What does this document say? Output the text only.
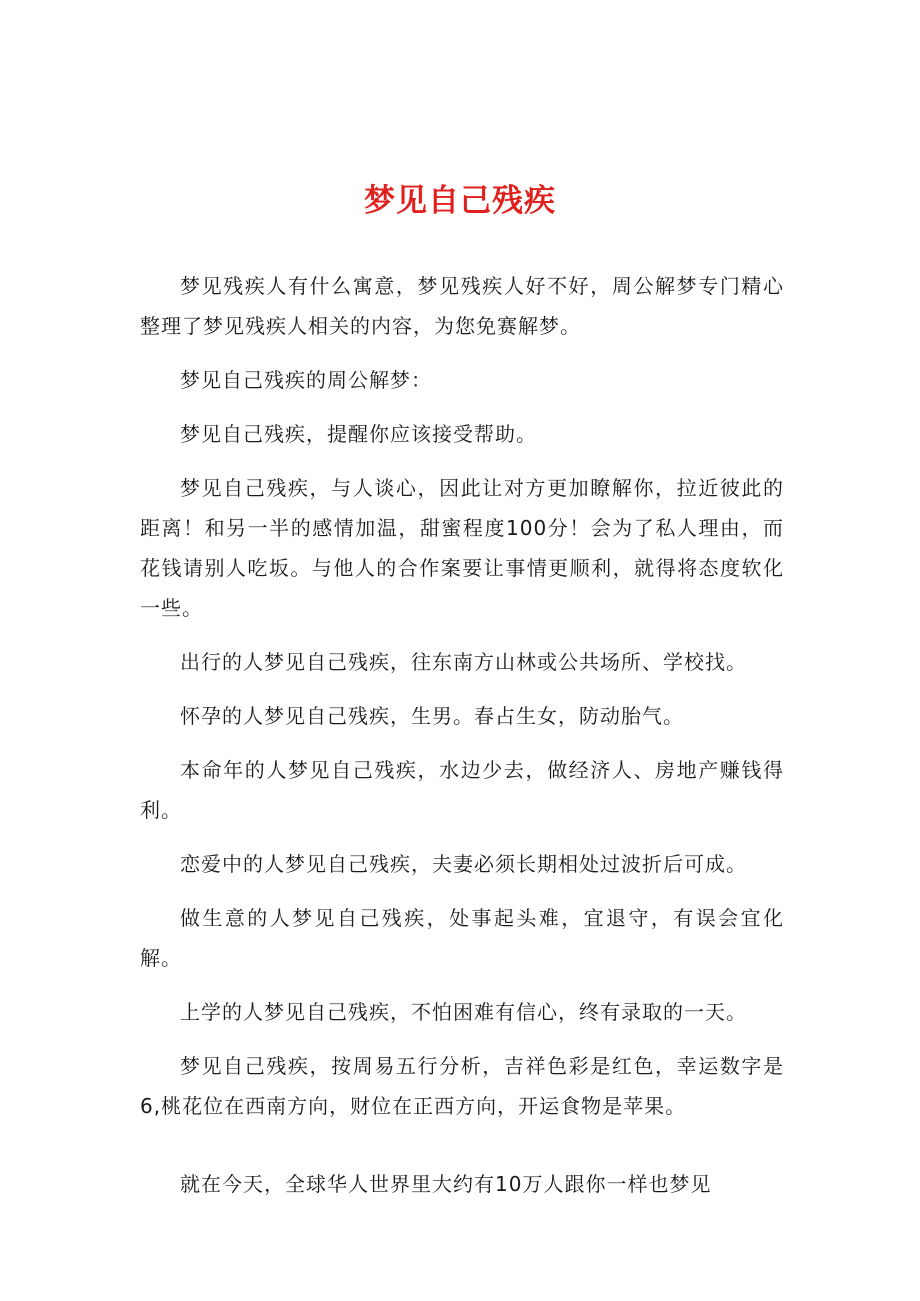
梦见自己残疾

梦见残疾人有什么寓意，梦见残疾人好不好，周公解梦专门精心整理了梦见残疾人相关的内容，为您免赛解梦。

梦见自己残疾的周公解梦：

梦见自己残疾，提醒你应该接受帮助。

梦见自己残疾，与人谈心，因此让对方更加瞭解你，拉近彼此的距离！和另一半的感情加温，甜蜜程度100分！会为了私人理由，而花钱请别人吃坂。与他人的合作案要让事情更顺利，就得将态度软化一些。

出行的人梦见自己残疾，往东南方山林或公共场所、学校找。

怀孕的人梦见自己残疾，生男。春占生女，防动胎气。

本命年的人梦见自己残疾，水边少去，做经济人、房地产赚钱得利。

恋爱中的人梦见自己残疾，夫妻必须长期相处过波折后可成。

做生意的人梦见自己残疾，处事起头难，宜退守，有误会宜化解。

上学的人梦见自己残疾，不怕困难有信心，终有录取的一天。

梦见自己残疾，按周易五行分析，吉祥色彩是红色，幸运数字是6,桃花位在西南方向，财位在正西方向，开运食物是苹果。

就在今天，全球华人世界里大约有10万人跟你一样也梦见
